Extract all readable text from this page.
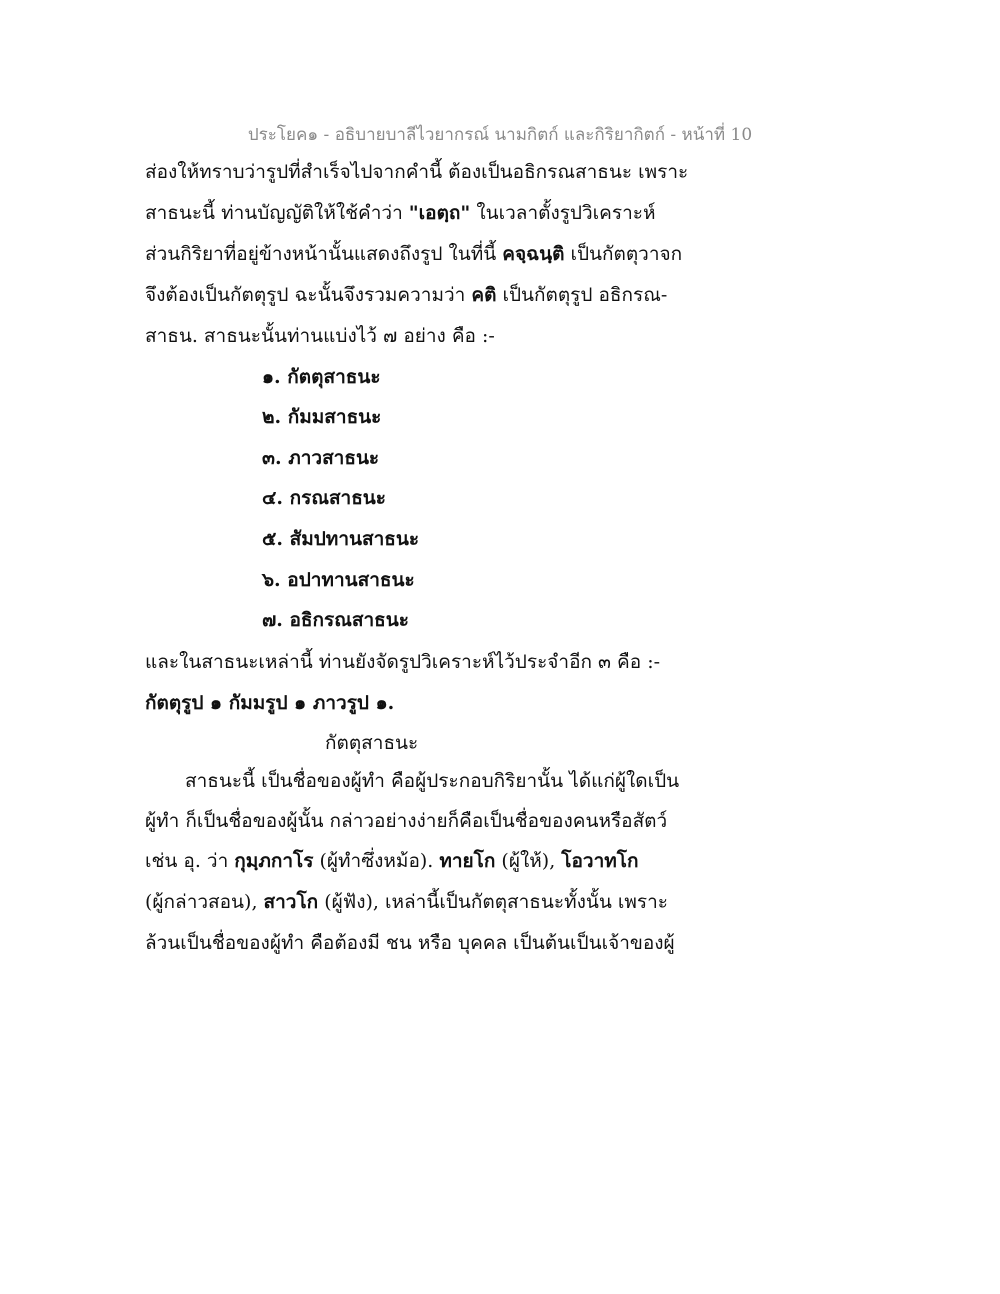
ประโยค๑ - อธิบายบาลีไวยากรณ์ นามกิตก์ และกิริยากิตก์ - หน้าที่ 10
ส่องให้ทราบว่ารูปที่สำเร็จไปจากคำนี้ ต้องเป็นอธิกรณสาธนะ เพราะ
สาธนะนี้ ท่านบัญญัติให้ใช้คำว่า "เอตฺถ" ในเวลาตั้งรูปวิเคราะห์
ส่วนกิริยาที่อยู่ข้างหน้านั้นแสดงถึงรูป ในที่นี้ คจฺฉนฺติ เป็นกัตตุวาจก
จึงต้องเป็นกัตตุรูป ฉะนั้นจึงรวมความว่า คติ เป็นกัตตุรูป อธิกรณ-
สาธน. สาธนะนั้นท่านแบ่งไว้ ๗ อย่าง คือ :-
๑. กัตตุสาธนะ
๒. กัมมสาธนะ
๓. ภาวสาธนะ
๔. กรณสาธนะ
๕. สัมปทานสาธนะ
๖. อปาทานสาธนะ
๗. อธิกรณสาธนะ
และในสาธนะเหล่านี้ ท่านยังจัดรูปวิเคราะห์ไว้ประจำอีก ๓ คือ :-
กัตตุรูป ๑ กัมมรูป ๑ ภาวรูป ๑.
กัตตุสาธนะ
สาธนะนี้ เป็นชื่อของผู้ทำ คือผู้ประกอบกิริยานั้น ได้แก่ผู้ใดเป็น
ผู้ทำ ก็เป็นชื่อของผู้นั้น กล่าวอย่างง่ายก็คือเป็นชื่อของคนหรือสัตว์
เช่น อุ. ว่า กุมฺภกาโร (ผู้ทำซึ่งหม้อ). ทายโก (ผู้ให้), โอวาทโก
(ผู้กล่าวสอน), สาวโก (ผู้ฟัง), เหล่านี้เป็นกัตตุสาธนะทั้งนั้น เพราะ
ล้วนเป็นชื่อของผู้ทำ คือต้องมี ชน หรือ บุคคล เป็นต้นเป็นเจ้าของผู้
